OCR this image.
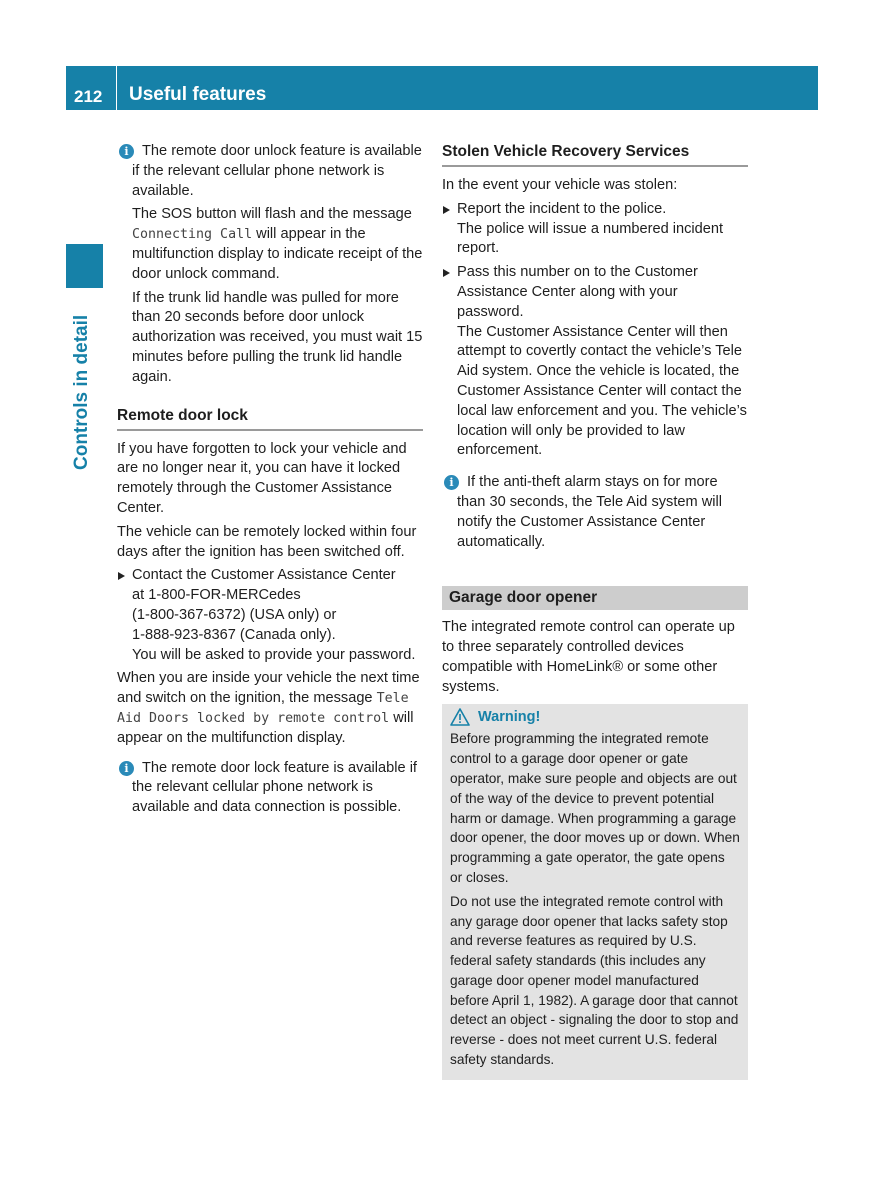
212 Useful features
Controls in detail
i The remote door unlock feature is available if the relevant cellular phone network is available.

The SOS button will flash and the message Connecting Call will appear in the multifunction display to indicate receipt of the door unlock command.

If the trunk lid handle was pulled for more than 20 seconds before door unlock authorization was received, you must wait 15 minutes before pulling the trunk lid handle again.

Remote door lock

If you have forgotten to lock your vehicle and are no longer near it, you can have it locked remotely through the Customer Assistance Center.

The vehicle can be remotely locked within four days after the ignition has been switched off.

Contact the Customer Assistance Center
at 1-800-FOR-MERCedes
(1-800-367-6372) (USA only) or
1-888-923-8367 (Canada only).
You will be asked to provide your password.

When you are inside your vehicle the next time and switch on the ignition, the message Tele Aid Doors locked by remote control will appear on the multifunction display.

i The remote door lock feature is available if the relevant cellular phone network is available and data connection is possible.

Stolen Vehicle Recovery Services

In the event your vehicle was stolen:

Report the incident to the police.
The police will issue a numbered incident report.
Pass this number on to the Customer Assistance Center along with your password.
The Customer Assistance Center will then attempt to covertly contact the vehicle’s Tele Aid system. Once the vehicle is located, the Customer Assistance Center will contact the local law enforcement and you. The vehicle’s location will only be provided to law enforcement.
i If the anti-theft alarm stays on for more than 30 seconds, the Tele Aid system will notify the Customer Assistance Center automatically.

Garage door opener

The integrated remote control can operate up to three separately controlled devices compatible with HomeLink® or some other systems.

Warning!

Before programming the integrated remote control to a garage door opener or gate operator, make sure people and objects are out of the way of the device to prevent potential harm or damage. When programming a garage door opener, the door moves up or down. When programming a gate operator, the gate opens or closes.

Do not use the integrated remote control with any garage door opener that lacks safety stop and reverse features as required by U.S. federal safety standards (this includes any garage door opener model manufactured before April 1, 1982). A garage door that cannot detect an object - signaling the door to stop and reverse - does not meet current U.S. federal safety standards.
